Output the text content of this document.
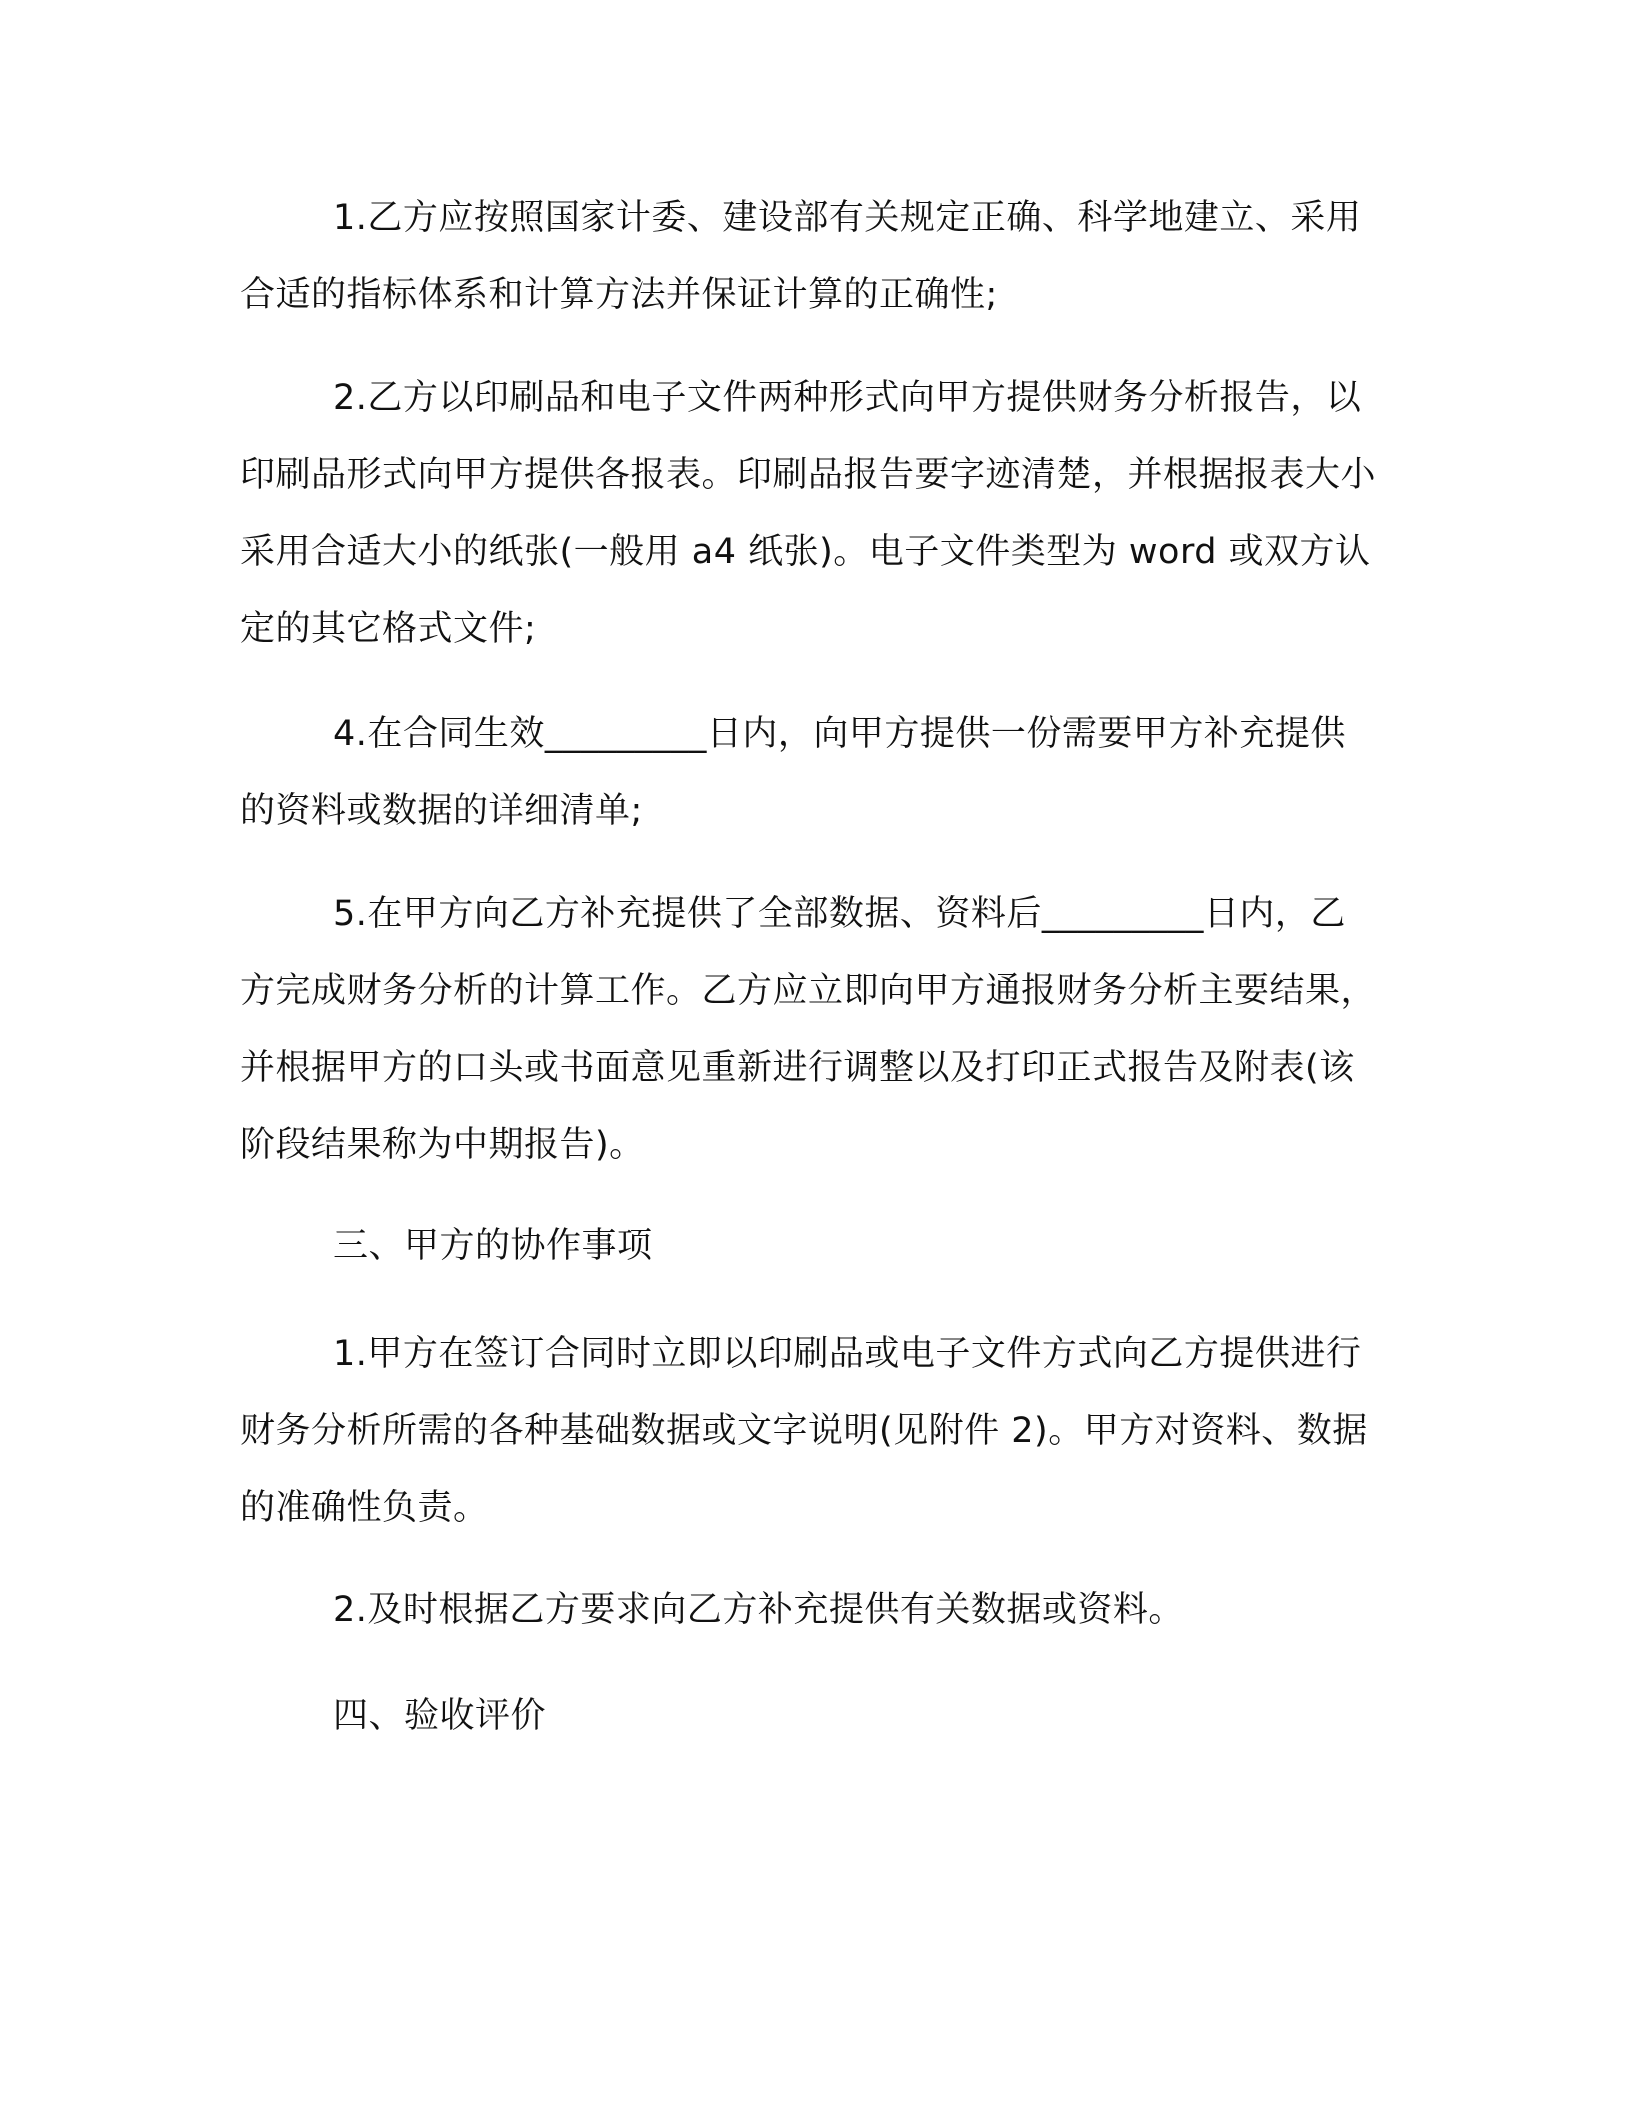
1.乙方应按照国家计委、建设部有关规定正确、科学地建立、采用合适的指标体系和计算方法并保证计算的正确性;

2.乙方以印刷品和电子文件两种形式向甲方提供财务分析报告，以印刷品形式向甲方提供各报表。印刷品报告要字迹清楚，并根据报表大小采用合适大小的纸张(一般用 a4 纸张)。电子文件类型为 word 或双方认定的其它格式文件;

4.在合同生效_________日内，向甲方提供一份需要甲方补充提供的资料或数据的详细清单;

5.在甲方向乙方补充提供了全部数据、资料后_________日内，乙方完成财务分析的计算工作。乙方应立即向甲方通报财务分析主要结果，并根据甲方的口头或书面意见重新进行调整以及打印正式报告及附表(该阶段结果称为中期报告)。

三、甲方的协作事项

1.甲方在签订合同时立即以印刷品或电子文件方式向乙方提供进行财务分析所需的各种基础数据或文字说明(见附件 2)。甲方对资料、数据的准确性负责。

2.及时根据乙方要求向乙方补充提供有关数据或资料。

四、验收评价
